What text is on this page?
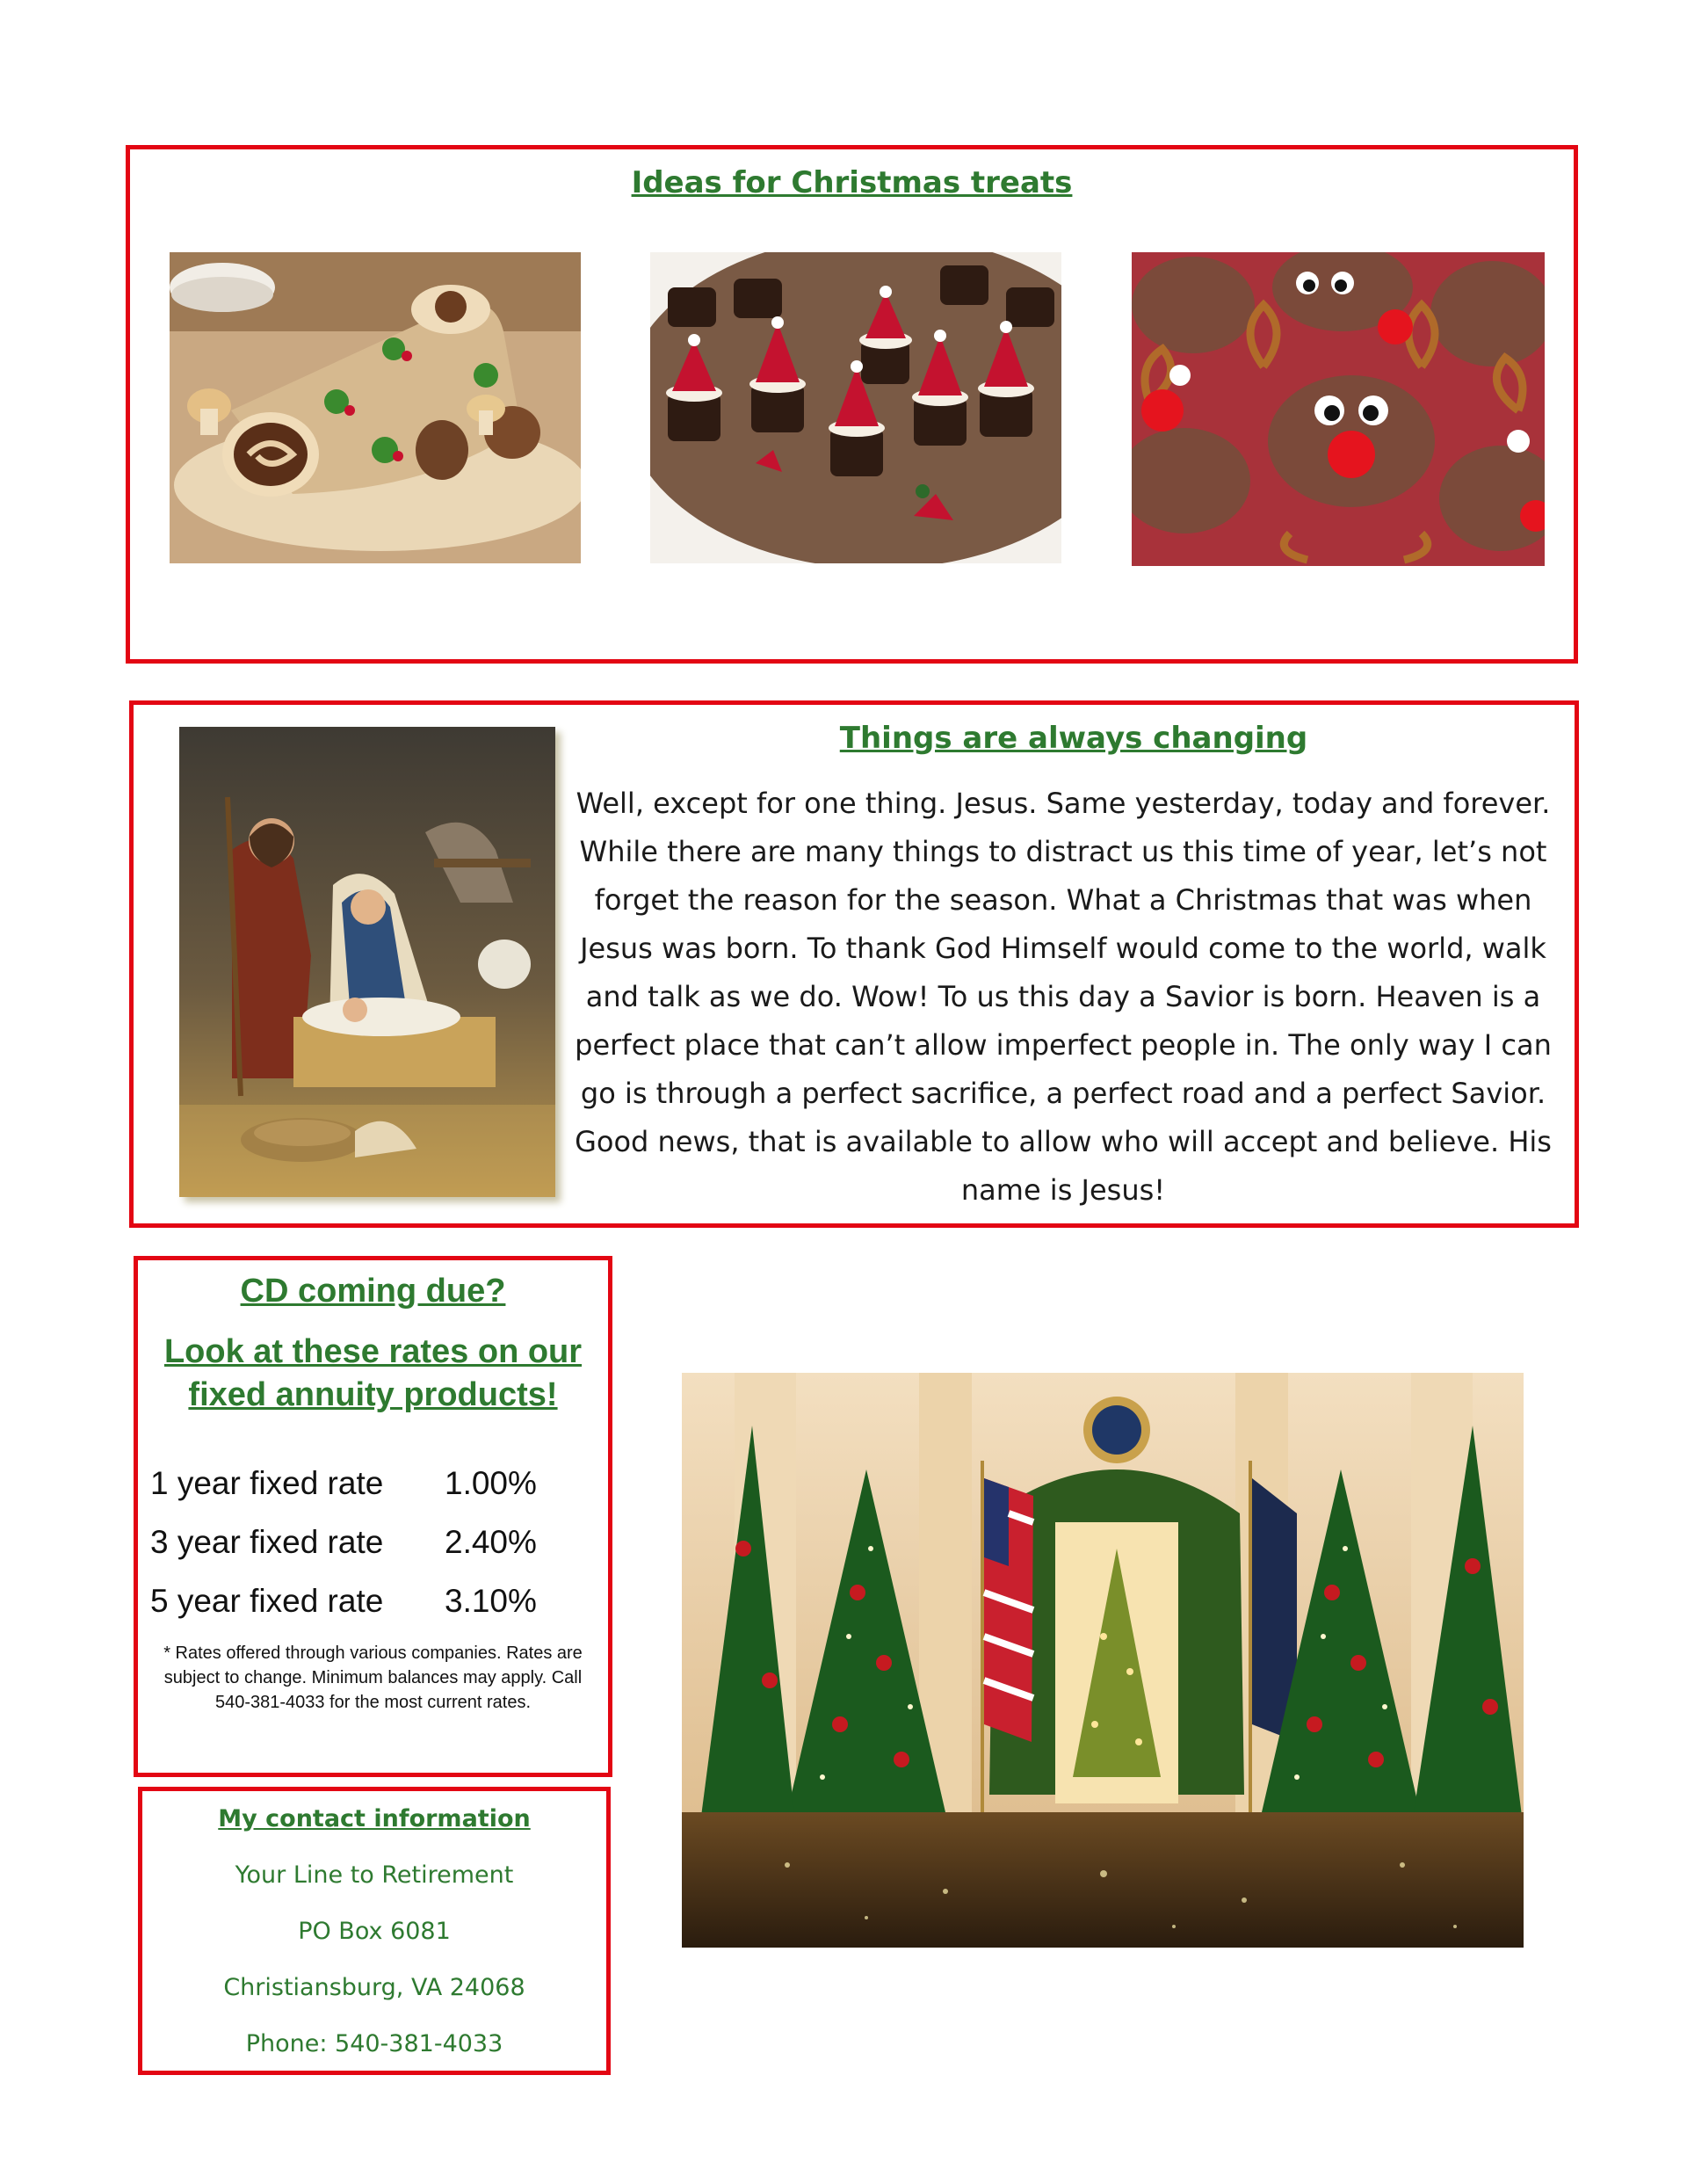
Ideas for Christmas treats
Things are always changing
Well, except for one thing. Jesus. Same yesterday, today and forever. While there are many things to distract us this time of year, let’s not forget the reason for the season. What a Christmas that was when Jesus was born. To thank God Himself would come to the world, walk and talk as we do. Wow! To us this day a Savior is born. Heaven is a perfect place that can’t allow imperfect people in. The only way I can go is through a perfect sacrifice, a perfect road and a perfect Savior. Good news, that is available to allow who will accept and believe. His name is Jesus!
CD coming due?
Look at these rates on our fixed annuity products!
1 year fixed rate 1.00%
3 year fixed rate 2.40%
5 year fixed rate 3.10%
* Rates offered through various companies. Rates are subject to change. Minimum balances may apply. Call 540-381-4033 for the most current rates.
My contact information
Your Line to Retirement
PO Box 6081
Christiansburg, VA 24068
Phone: 540-381-4033
